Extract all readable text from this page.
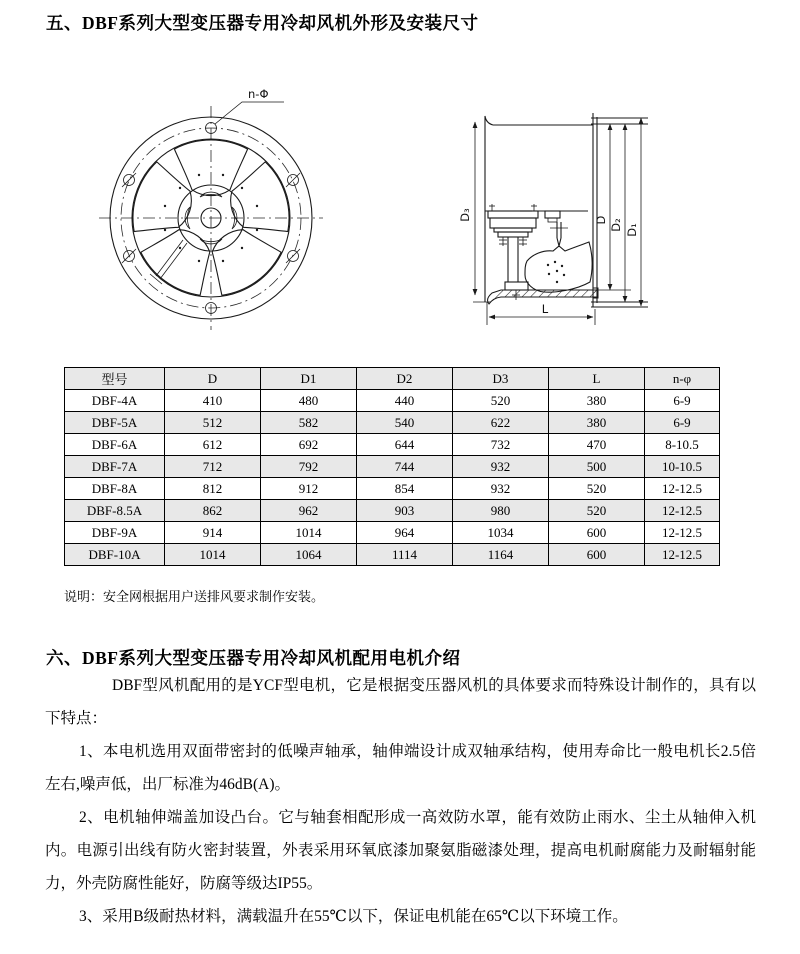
五、DBF系列大型变压器专用冷却风机外形及安装尺寸
n-Φ
D₃	D D₂ D₁
L
型号	D	D1	D2	D3	L	n-φ
DBF-4A	410	480	440	520	380	6-9
DBF-5A	512	582	540	622	380	6-9
DBF-6A	612	692	644	732	470	8-10.5
DBF-7A	712	792	744	932	500	10-10.5
DBF-8A	812	912	854	932	520	12-12.5
DBF-8.5A	862	962	903	980	520	12-12.5
DBF-9A	914	1014	964	1034	600	12-12.5
DBF-10A	1014	1064	1114	1164	600	12-12.5
说明：安全网根据用户送排风要求制作安装。
六、DBF系列大型变压器专用冷却风机配用电机介绍

DBF型风机配用的是YCF型电机，它是根据变压器风机的具体要求而特殊设计制作的，具有以下特点：

1、本电机选用双面带密封的低噪声轴承，轴伸端设计成双轴承结构，使用寿命比一般电机长2.5倍左右,噪声低，出厂标准为46dB(A)。

2、电机轴伸端盖加设凸台。它与轴套相配形成一高效防水罩，能有效防止雨水、尘土从轴伸入机内。电源引出线有防火密封装置，外表采用环氧底漆加聚氨脂磁漆处理，提高电机耐腐能力及耐辐射能力，外壳防腐性能好，防腐等级达IP55。

3、采用B级耐热材料，满载温升在55℃以下，保证电机能在65℃以下环境工作。
